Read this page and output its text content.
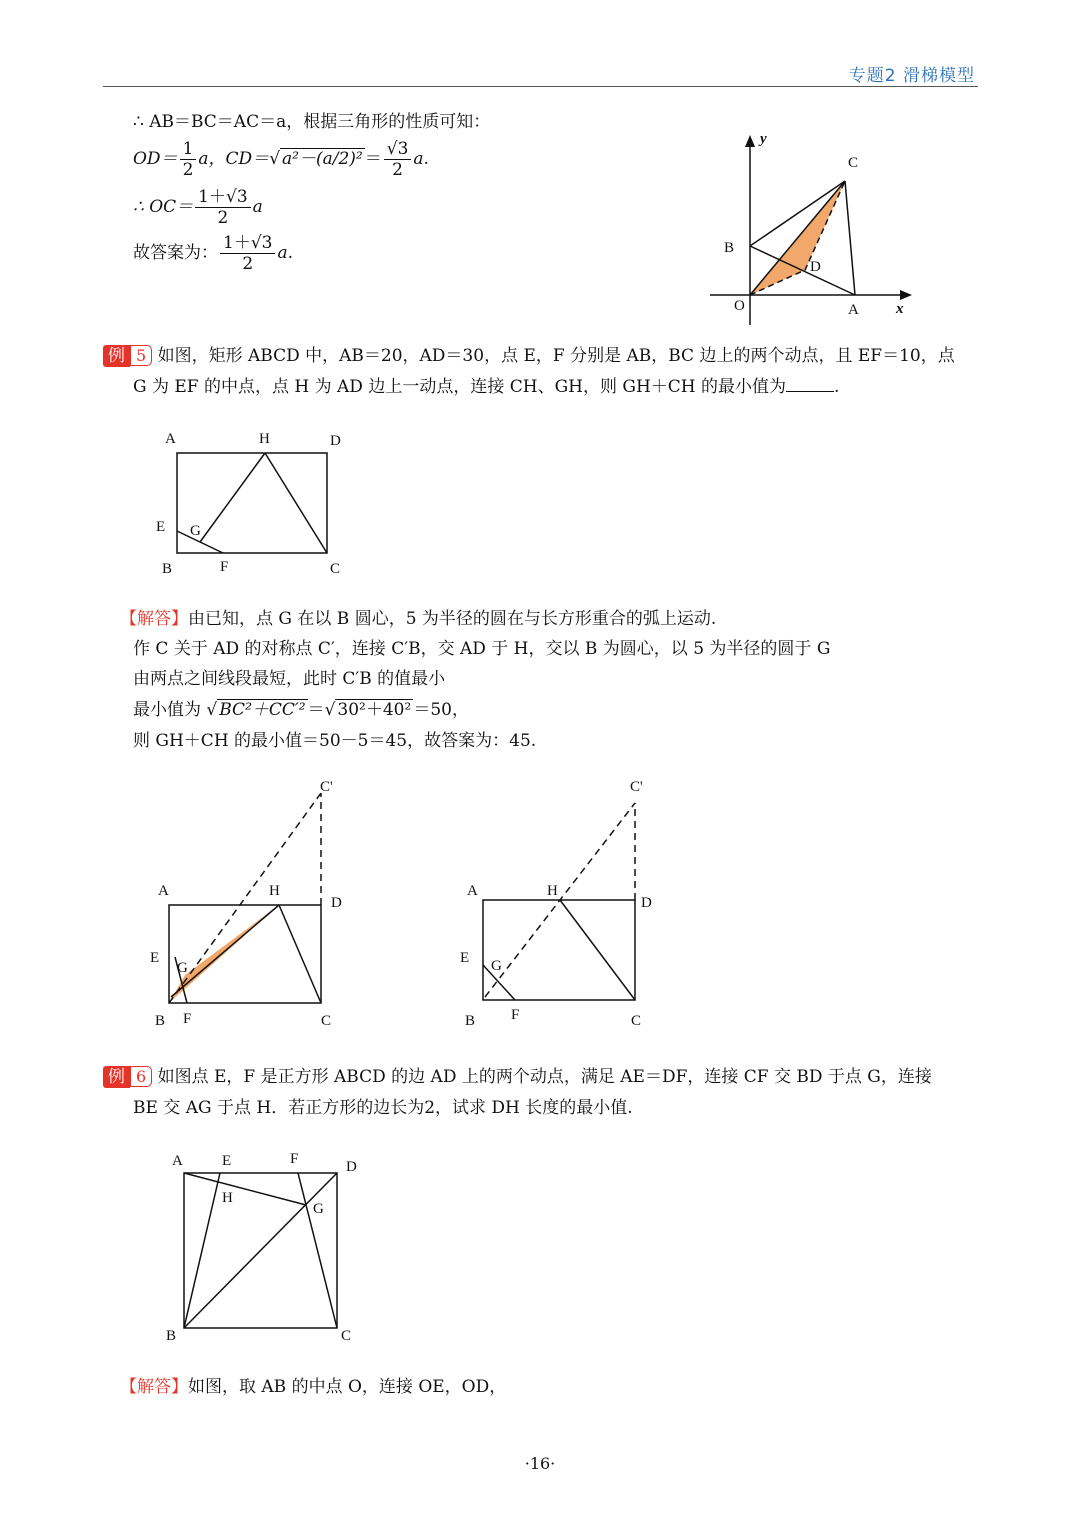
专题2 滑梯模型
∴ AB＝BC＝AC＝a，根据三角形的性质可知：
$OD= \frac{1}{2}$ a，CD＝√ $a^2-(a/2)^2 = \frac{√3}{2} a$.
∴ $OC= \frac{1+√3}{2}$ a
故答案为： $\frac{1+√3}{2} a$.
y
x
C
B
D
O	A
例 5 如图，矩形 ABCD 中，AB＝20，AD＝30，点 E，F 分别是 AB，BC 边上的两个动点，且 EF＝10，点
G 为 EF 的中点，点 H 为 AD 边上一动点，连接 CH、GH，则 GH＋CH 的最小值为	.
A	H	D
E G
B	F	C
【解答】由已知，点 G 在以 B 圆心，5 为半径的圆在与长方形重合的弧上运动.
作 C 关于 AD 的对称点 C′，连接 C′B，交 AD 于 H，交以 B 为圆心，以 5 为半径的圆于 G
由两点之间线段最短，此时 C′B 的值最小
最小值为 √ BC²＋CC′² ＝√ 30²＋40² ＝50，
则 GH＋CH 的最小值＝50－5＝45，故答案为：45.
C'
A	H
D
E
G
B F	C
C'
A	H
D
E G
B F	C
例 6 如图点 E，F 是正方形 ABCD 的边 AD 上的两个动点，满足 AE＝DF，连接 CF 交 BD 于点 G，连接
BE 交 AG 于点 H．若正方形的边长为2，试求 DH 长度的最小值.
A	E	F	D
H
G
B	C
【解答】如图，取 AB 的中点 O，连接 OE，OD，
·16·
